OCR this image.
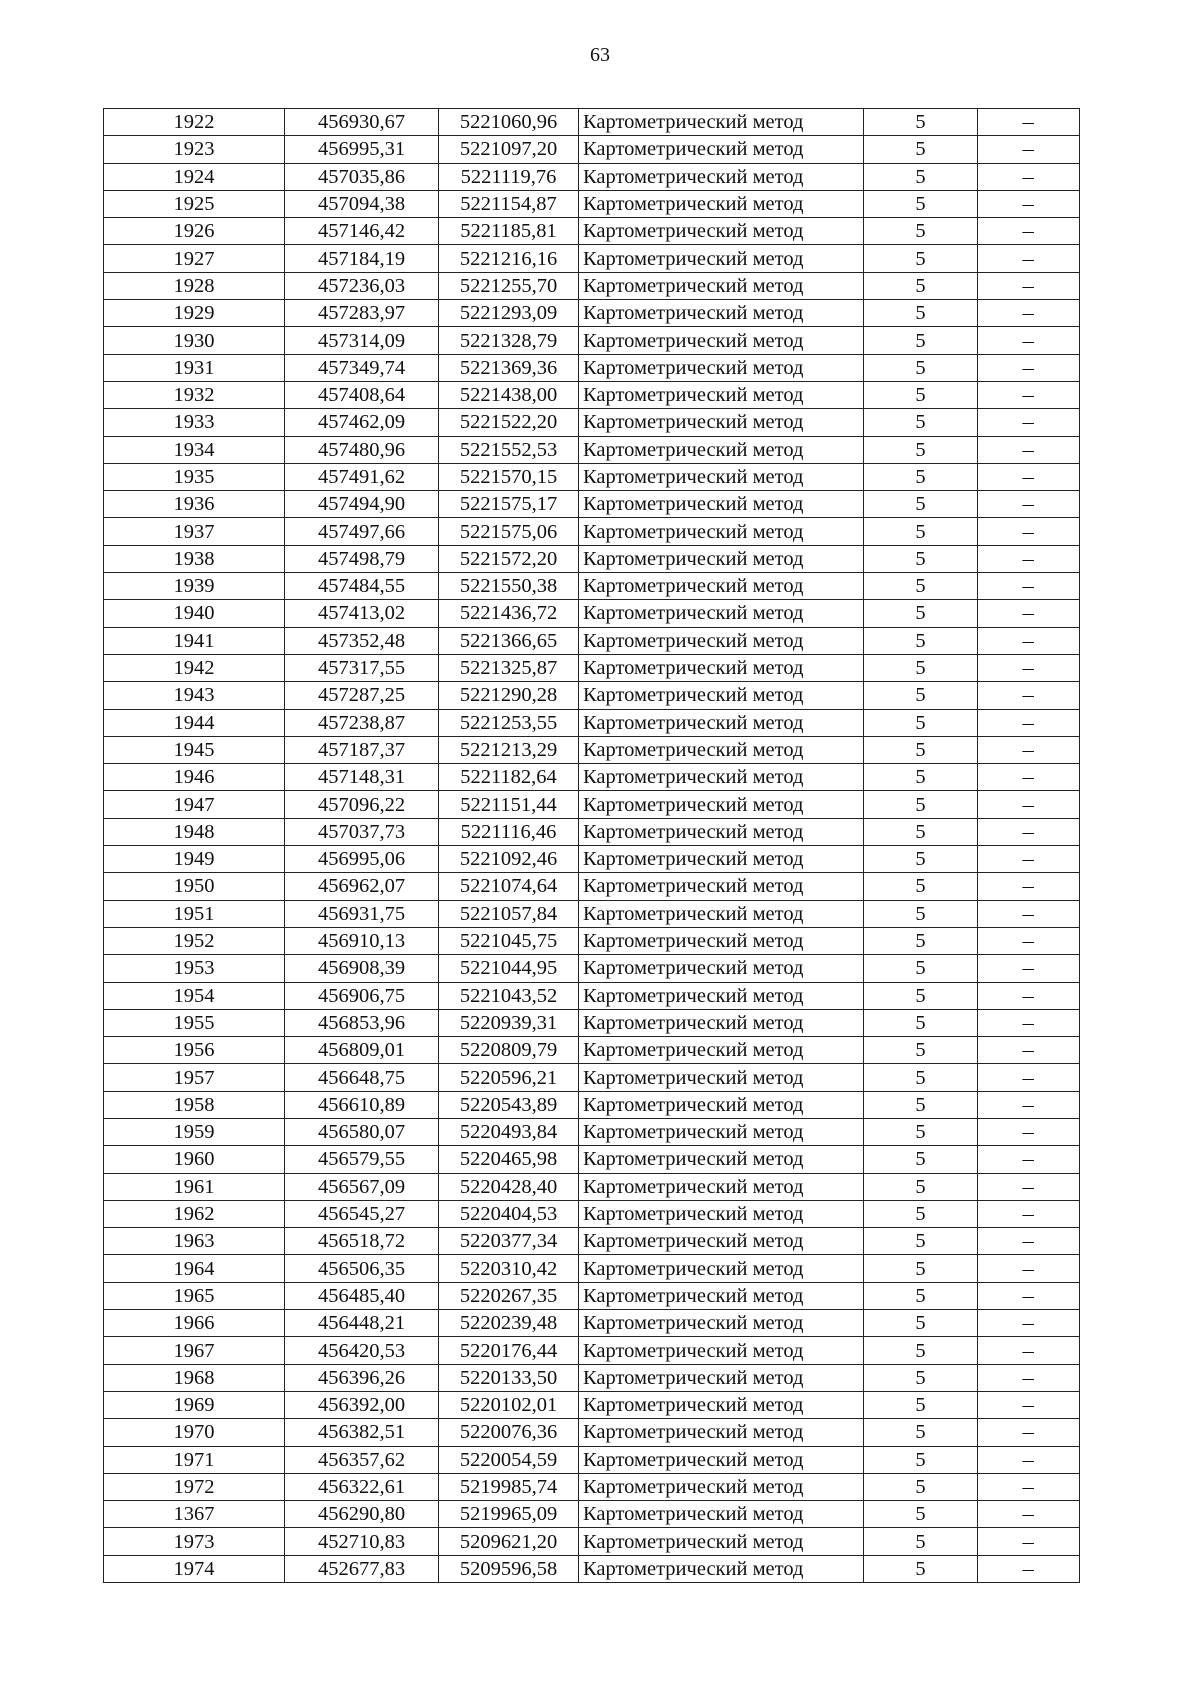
63
1922	456930,67	5221060,96	Картометрический метод	5	–
1923	456995,31	5221097,20	Картометрический метод	5	–
1924	457035,86	5221119,76	Картометрический метод	5	–
1925	457094,38	5221154,87	Картометрический метод	5	–
1926	457146,42	5221185,81	Картометрический метод	5	–
1927	457184,19	5221216,16	Картометрический метод	5	–
1928	457236,03	5221255,70	Картометрический метод	5	–
1929	457283,97	5221293,09	Картометрический метод	5	–
1930	457314,09	5221328,79	Картометрический метод	5	–
1931	457349,74	5221369,36	Картометрический метод	5	–
1932	457408,64	5221438,00	Картометрический метод	5	–
1933	457462,09	5221522,20	Картометрический метод	5	–
1934	457480,96	5221552,53	Картометрический метод	5	–
1935	457491,62	5221570,15	Картометрический метод	5	–
1936	457494,90	5221575,17	Картометрический метод	5	–
1937	457497,66	5221575,06	Картометрический метод	5	–
1938	457498,79	5221572,20	Картометрический метод	5	–
1939	457484,55	5221550,38	Картометрический метод	5	–
1940	457413,02	5221436,72	Картометрический метод	5	–
1941	457352,48	5221366,65	Картометрический метод	5	–
1942	457317,55	5221325,87	Картометрический метод	5	–
1943	457287,25	5221290,28	Картометрический метод	5	–
1944	457238,87	5221253,55	Картометрический метод	5	–
1945	457187,37	5221213,29	Картометрический метод	5	–
1946	457148,31	5221182,64	Картометрический метод	5	–
1947	457096,22	5221151,44	Картометрический метод	5	–
1948	457037,73	5221116,46	Картометрический метод	5	–
1949	456995,06	5221092,46	Картометрический метод	5	–
1950	456962,07	5221074,64	Картометрический метод	5	–
1951	456931,75	5221057,84	Картометрический метод	5	–
1952	456910,13	5221045,75	Картометрический метод	5	–
1953	456908,39	5221044,95	Картометрический метод	5	–
1954	456906,75	5221043,52	Картометрический метод	5	–
1955	456853,96	5220939,31	Картометрический метод	5	–
1956	456809,01	5220809,79	Картометрический метод	5	–
1957	456648,75	5220596,21	Картометрический метод	5	–
1958	456610,89	5220543,89	Картометрический метод	5	–
1959	456580,07	5220493,84	Картометрический метод	5	–
1960	456579,55	5220465,98	Картометрический метод	5	–
1961	456567,09	5220428,40	Картометрический метод	5	–
1962	456545,27	5220404,53	Картометрический метод	5	–
1963	456518,72	5220377,34	Картометрический метод	5	–
1964	456506,35	5220310,42	Картометрический метод	5	–
1965	456485,40	5220267,35	Картометрический метод	5	–
1966	456448,21	5220239,48	Картометрический метод	5	–
1967	456420,53	5220176,44	Картометрический метод	5	–
1968	456396,26	5220133,50	Картометрический метод	5	–
1969	456392,00	5220102,01	Картометрический метод	5	–
1970	456382,51	5220076,36	Картометрический метод	5	–
1971	456357,62	5220054,59	Картометрический метод	5	–
1972	456322,61	5219985,74	Картометрический метод	5	–
1367	456290,80	5219965,09	Картометрический метод	5	–
1973	452710,83	5209621,20	Картометрический метод	5	–
1974	452677,83	5209596,58	Картометрический метод	5	–
